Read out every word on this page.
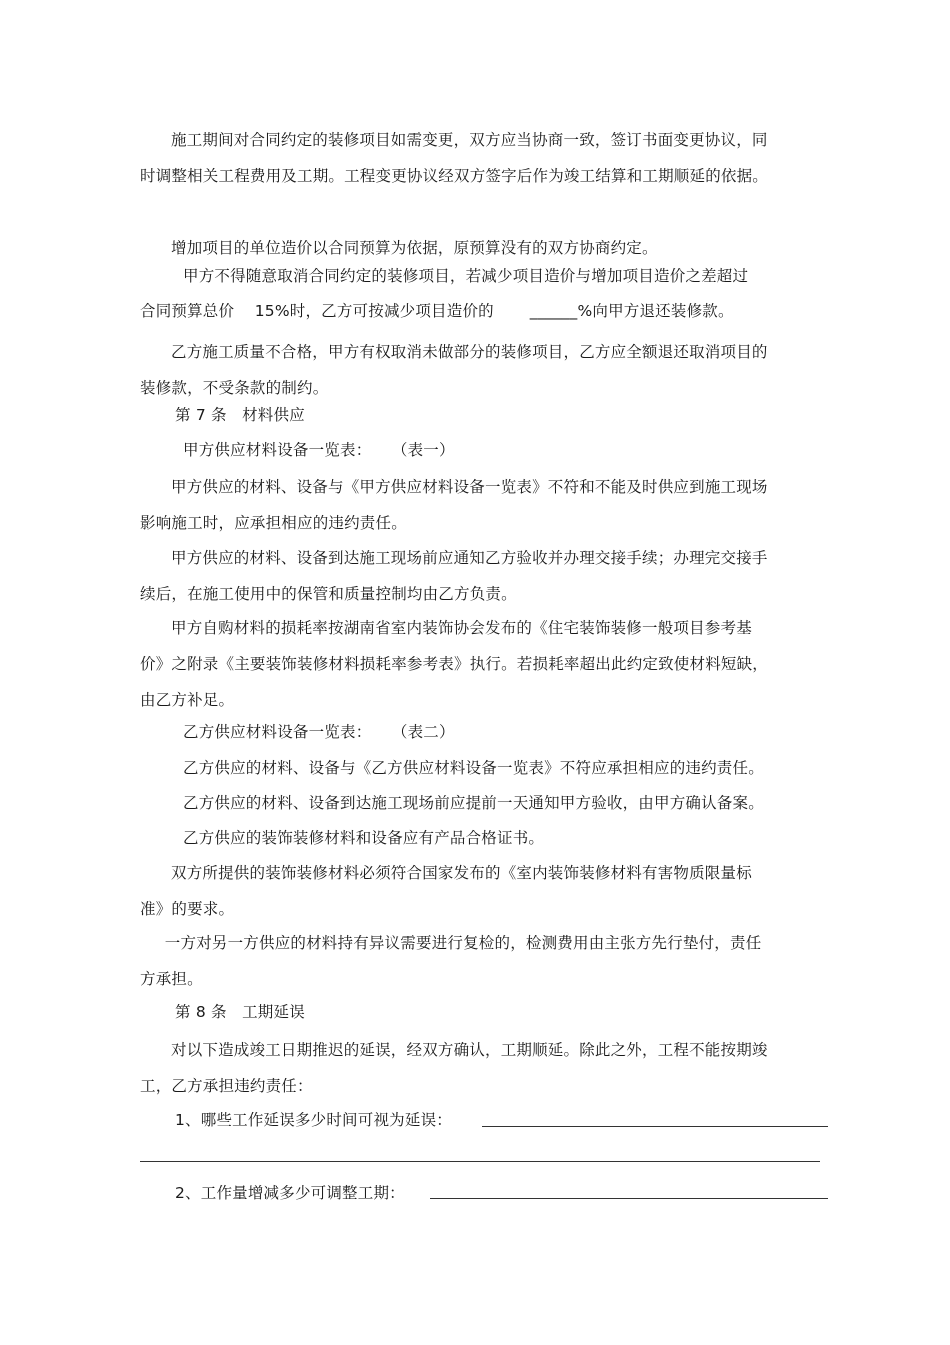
施工期间对合同约定的装修项目如需变更，双方应当协商一致，签订书面变更协议，同时调整相关工程费用及工期。工程变更协议经双方签字后作为竣工结算和工期顺延的依据。
增加项目的单位造价以合同预算为依据，原预算没有的双方协商约定。
甲方不得随意取消合同约定的装修项目，若减少项目造价与增加项目造价之差超过
合同预算总价    15%时，乙方可按减少项目造价的       ______%向甲方退还装修款。
乙方施工质量不合格，甲方有权取消未做部分的装修项目，乙方应全额退还取消项目的装修款，不受条款的制约。
第 7 条   材料供应
甲方供应材料设备一览表：    （表一）
甲方供应的材料、设备与《甲方供应材料设备一览表》不符和不能及时供应到施工现场影响施工时，应承担相应的违约责任。
甲方供应的材料、设备到达施工现场前应通知乙方验收并办理交接手续；办理完交接手续后，在施工使用中的保管和质量控制均由乙方负责。
甲方自购材料的损耗率按湖南省室内装饰协会发布的《住宅装饰装修一般项目参考基价》之附录《主要装饰装修材料损耗率参考表》执行。若损耗率超出此约定致使材料短缺，由乙方补足。
乙方供应材料设备一览表：    （表二）
乙方供应的材料、设备与《乙方供应材料设备一览表》不符应承担相应的违约责任。
乙方供应的材料、设备到达施工现场前应提前一天通知甲方验收，由甲方确认备案。
乙方供应的装饰装修材料和设备应有产品合格证书。
双方所提供的装饰装修材料必须符合国家发布的《室内装饰装修材料有害物质限量标准》的要求。
一方对另一方供应的材料持有异议需要进行复检的，检测费用由主张方先行垫付，责任方承担。
第 8 条   工期延误
对以下造成竣工日期推迟的延误，经双方确认，工期顺延。除此之外，工程不能按期竣工，乙方承担违约责任：
1、哪些工作延误多少时间可视为延误：
2、工作量增减多少可调整工期：
